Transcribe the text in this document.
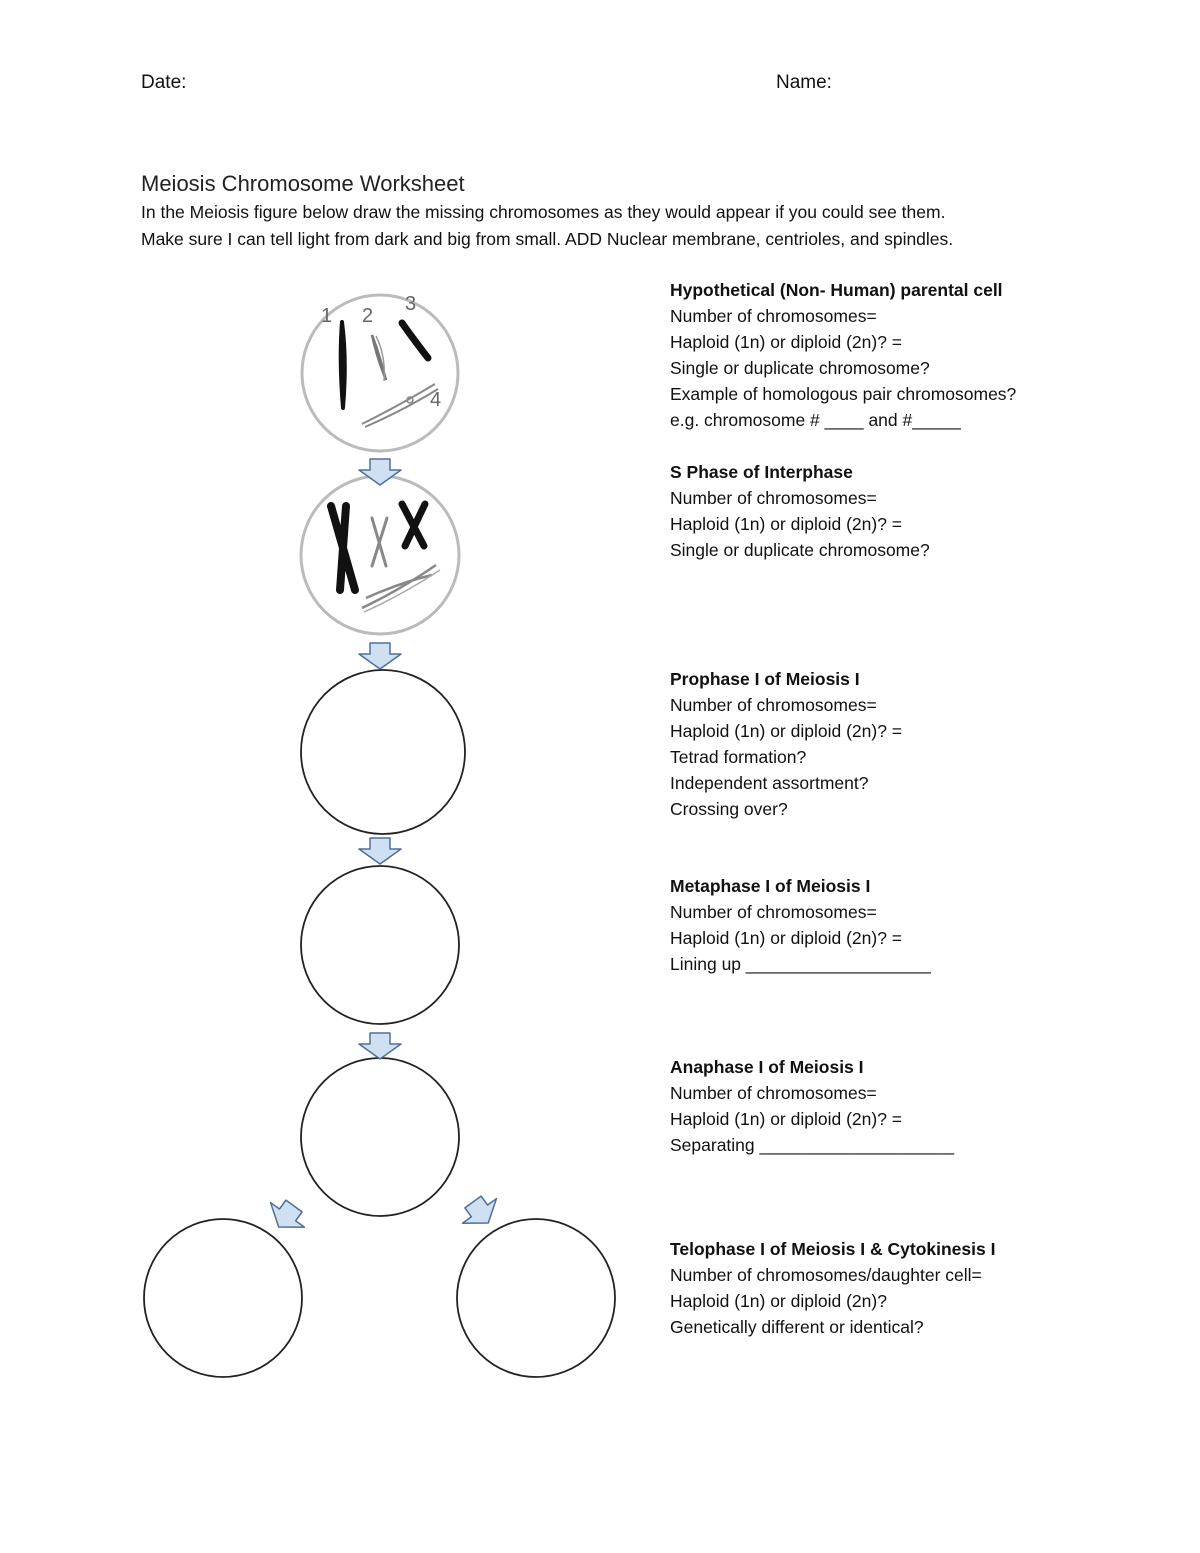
Date:	Name:
Meiosis Chromosome Worksheet
In the Meiosis figure below draw the missing chromosomes as they would appear if you could see them.
Make sure I can tell light from dark and big from small. ADD Nuclear membrane, centrioles, and spindles.
1 2
3
4
Hypothetical (Non- Human) parental cell
Number of chromosomes=
Haploid (1n) or diploid (2n)? =
Single or duplicate chromosome?
Example of homologous pair chromosomes?
e.g. chromosome # ____ and #_____
S Phase of Interphase
Number of chromosomes=
Haploid (1n) or diploid (2n)? =
Single or duplicate chromosome?
Prophase I of Meiosis I
Number of chromosomes=
Haploid (1n) or diploid (2n)? =
Tetrad formation?
Independent assortment?
Crossing over?
Metaphase I of Meiosis I
Number of chromosomes=
Haploid (1n) or diploid (2n)? =
Lining up ___________________
Anaphase I of Meiosis I
Number of chromosomes=
Haploid (1n) or diploid (2n)? =
Separating ____________________
Telophase I of Meiosis I & Cytokinesis I
Number of chromosomes/daughter cell=
Haploid (1n) or diploid (2n)?
Genetically different or identical?
